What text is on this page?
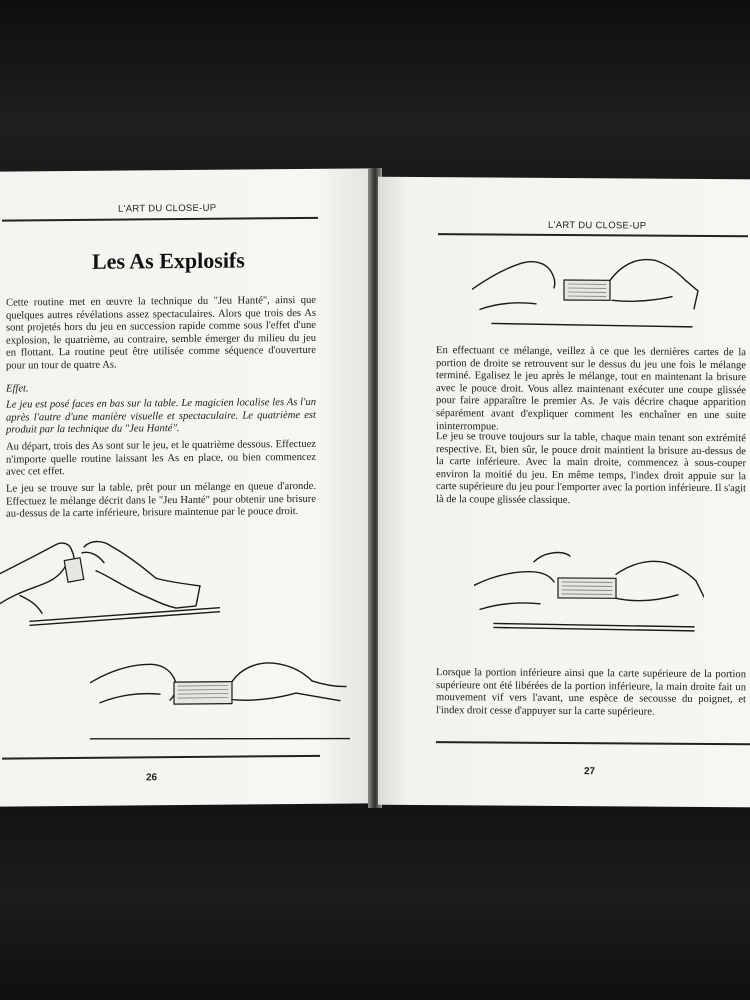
L'ART DU CLOSE-UP
Les As Explosifs
Cette routine met en œuvre la technique du "Jeu Hanté", ainsi que quelques autres révélations assez spectaculaires. Alors que trois des As sont projetés hors du jeu en succession rapide comme sous l'effet d'une explosion, le quatrième, au contraire, semble émerger du milieu du jeu en flottant. La routine peut être utilisée comme séquence d'ouverture pour un tour de quatre As.
Effet.
Le jeu est posé faces en bas sur la table. Le magicien localise les As l'un après l'autre d'une manière visuelle et spectaculaire. Le quatrième est produit par la technique du "Jeu Hanté".
Au départ, trois des As sont sur le jeu, et le quatrième dessous. Effectuez n'importe quelle routine laissant les As en place, ou bien commencez avec cet effet.
Le jeu se trouve sur la table, prêt pour un mélange en queue d'aronde. Effectuez le mélange décrit dans le "Jeu Hanté" pour obtenir une brisure au-dessus de la carte inférieure, brisure maintenue par le pouce droit.
26
L'ART DU CLOSE-UP
En effectuant ce mélange, veillez à ce que les dernières cartes de la portion de droite se retrouvent sur le dessus du jeu une fois le mélange terminé. Egalisez le jeu après le mélange, tout en maintenant la brisure avec le pouce droit. Vous allez maintenant exécuter une coupe glissée pour faire apparaître le premier As. Je vais décrire chaque apparition séparément avant d'expliquer comment les enchaîner en une suite ininterrompue.
Le jeu se trouve toujours sur la table, chaque main tenant son extrémité respective. Et, bien sûr, le pouce droit maintient la brisure au-dessus de la carte inférieure. Avec la main droite, commencez à sous-couper environ la moitié du jeu. En même temps, l'index droit appuie sur la carte supérieure du jeu pour l'emporter avec la portion inférieure. Il s'agit là de la coupe glissée classique.
Lorsque la portion inférieure ainsi que la carte supérieure de la portion supérieure ont été libérées de la portion inférieure, la main droite fait un mouvement vif vers l'avant, une espèce de secousse du poignet, et l'index droit cesse d'appuyer sur la carte supérieure.
27
